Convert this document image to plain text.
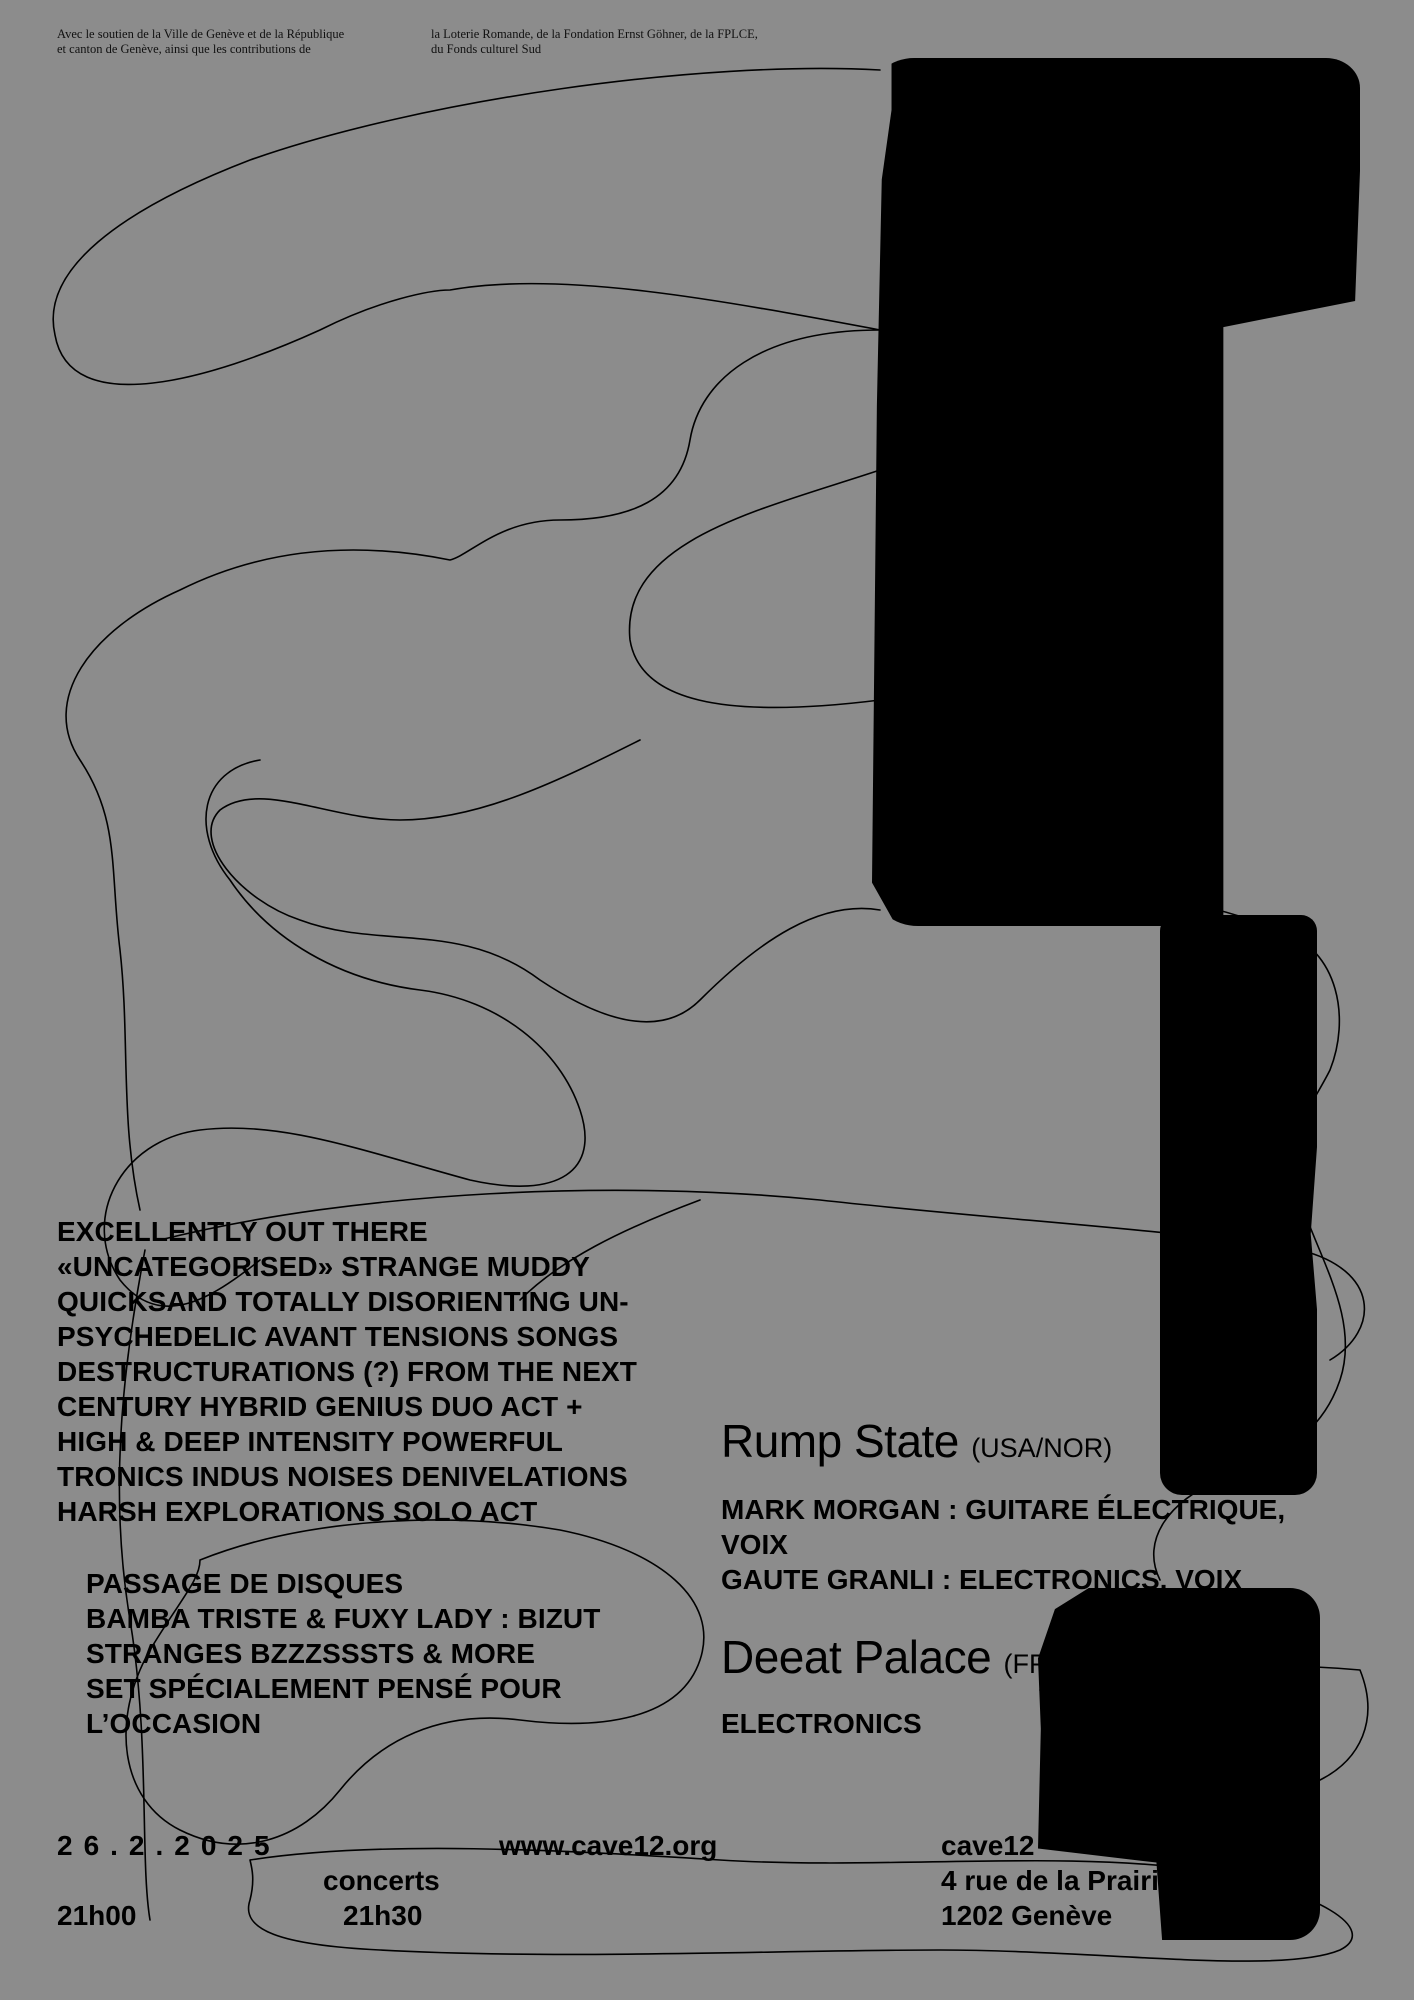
Avec le soutien de la Ville de Genève et de la République
et canton de Genève, ainsi que les contributions de
la Loterie Romande, de la Fondation Ernst Göhner, de la FPLCE,
du Fonds culturel Sud
EXCELLENTLY OUT THERE
«UNCATEGORISED» STRANGE MUDDY
QUICKSAND TOTALLY DISORIENTING UN-
PSYCHEDELIC AVANT TENSIONS SONGS
DESTRUCTURATIONS (?) FROM THE NEXT
CENTURY HYBRID GENIUS DUO ACT +
HIGH & DEEP INTENSITY POWERFUL
TRONICS INDUS NOISES DENIVELATIONS
HARSH EXPLORATIONS SOLO ACT
PASSAGE DE DISQUES
BAMBA TRISTE & FUXY LADY : BIZUT
STRANGES BZZZSSSTS & MORE
SET SPÉCIALEMENT PENSÉ POUR
L’OCCASION
Rump State (USA/NOR)
MARK MORGAN : GUITARE ÉLECTRIQUE,
VOIX
GAUTE GRANLI : ELECTRONICS, VOIX
Deeat Palace (FRA
ELECTRONICS
26.2.2025
21h00
www.cave12.org
concerts
21h30
cave12
4 rue de la Prairie
1202 Genève
